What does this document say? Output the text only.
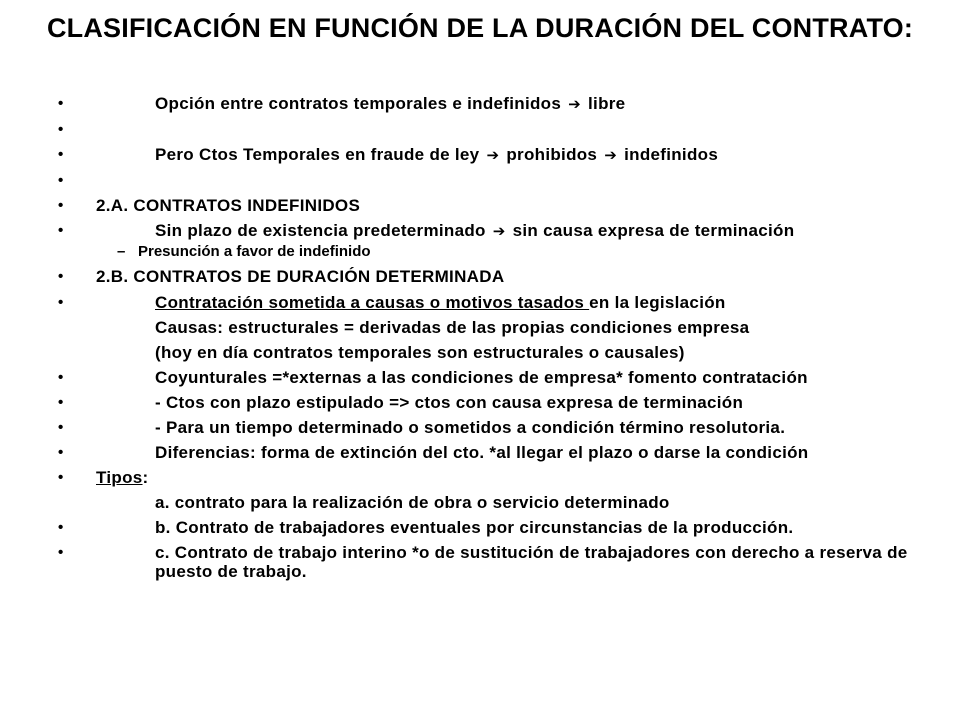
CLASIFICACIÓN EN FUNCIÓN DE LA DURACIÓN DEL CONTRATO:
•	Opción entre contratos temporales e indefinidos ➔ libre
•

•	Pero Ctos Temporales en fraude de ley ➔ prohibidos ➔ indefinidos
•

•	2.A. CONTRATOS INDEFINIDOS
•	Sin plazo de existencia predeterminado ➔ sin causa expresa de terminación
– Presunción a favor de indefinido
•	2.B. CONTRATOS DE DURACIÓN DETERMINADA
•	Contratación sometida a causas o motivos tasados en la legislación
Causas: estructurales = derivadas de las propias condiciones empresa
(hoy en día contratos temporales son estructurales o causales)
•	Coyunturales =*externas a las condiciones de empresa* fomento contratación
•	- Ctos con plazo estipulado => ctos con causa expresa de terminación
•	- Para un tiempo determinado o sometidos a condición término resolutoria.
•	Diferencias: forma de extinción del cto. *al llegar el plazo o darse la condición
•	Tipos:
a. contrato para la realización de obra o servicio determinado
•	b. Contrato de trabajadores eventuales por circunstancias de la producción.
•	c. Contrato de trabajo interino *o de sustitución de trabajadores con derecho a reserva de puesto de trabajo.
